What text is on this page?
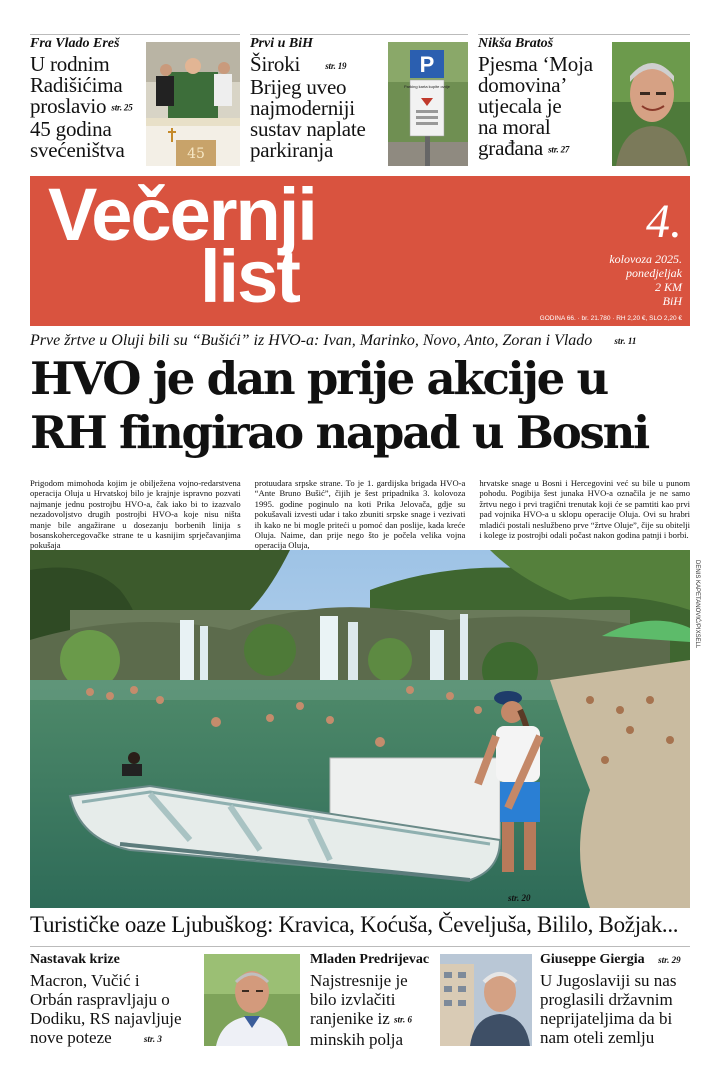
Fra Vlado Ereš
U rodnim
Radišićima
proslavio str. 25
45 godina
svećeništva	45
Prvi u BiH
Široki	str. 19
Brijeg uveo
najmoderniji
sustav naplate
parkiranja
P
Parking karta kupite ovdje
Nikša Bratoš
Pjesma ‘Moja
domovina’
utjecala je
na moral
građana str. 27
Večernji
list
4.
kolovoza 2025.
ponedjeljak
2 KM
BiH
GODINA 66. · br. 21.780 · RH 2,20 €, SLO 2,20 €
Prve žrtve u Oluji bili su “Bušići” iz HVO-a: Ivan, Marinko, Novo, Anto, Zoran i Vlado str. 11
HVO je dan prije akcije u
RH fingirao napad u Bosni
Prigodom mimohoda kojim je obilježena vojno-redarstvena operacija Oluja u Hrvatskoj bilo je krajnje ispravno pozvati najmanje jednu postrojbu HVO-a, čak iako bi to izazvalo nezadovoljstvo drugih postrojbi HVO-a koje nisu ništa manje bile angažirane u dosezanju borbenih linija s bosanskohercegovačke strane te u kasnijim sprječavanjima pokušaja
protuudara srpske strane. To je 1. gardijska brigada HVO-a “Ante Bruno Bušić”, čijih je šest pripadnika 3. kolovoza 1995. godine poginulo na koti Prika Jelovača, gdje su pokušavali izvesti udar i tako zbuniti srpske snage i vezivati ih kako ne bi mogle priteći u pomoć dan poslije, kada kreće Oluja. Naime, dan prije nego što je počela velika vojna operacija Oluja,
hrvatske snage u Bosni i Hercegovini već su bile u punom pohodu. Pogibija šest junaka HVO-a označila je ne samo žrtvu nego i prvi tragični trenutak koji će se pamtiti kao prvi pad vojnika HVO-a u sklopu operacije Oluja. Ovi su hrabri mladići postali neslužbeno prve “žrtve Oluje”, čije su obitelji i kolege iz postrojbi odali počast nakon godina patnji i borbi.
DENIS KAPETANOVIĆ/PIXSELL
str. 20
Turističke oaze Ljubuškog: Kravica, Koćuša, Čeveljuša, Bililo, Božjak...
Nastavak krize
Macron, Vučić i
Orbán raspravljaju o
Dodiku, RS najavljuje
nove poteze	str. 3
Mladen Predrijevac
Najstresnije je
bilo izvlačiti
ranjenike iz str. 6
minskih polja
Giuseppe Giergia str. 29
U Jugoslaviji su nas
proglasili državnim
neprijateljima da bi
nam oteli zemlju
